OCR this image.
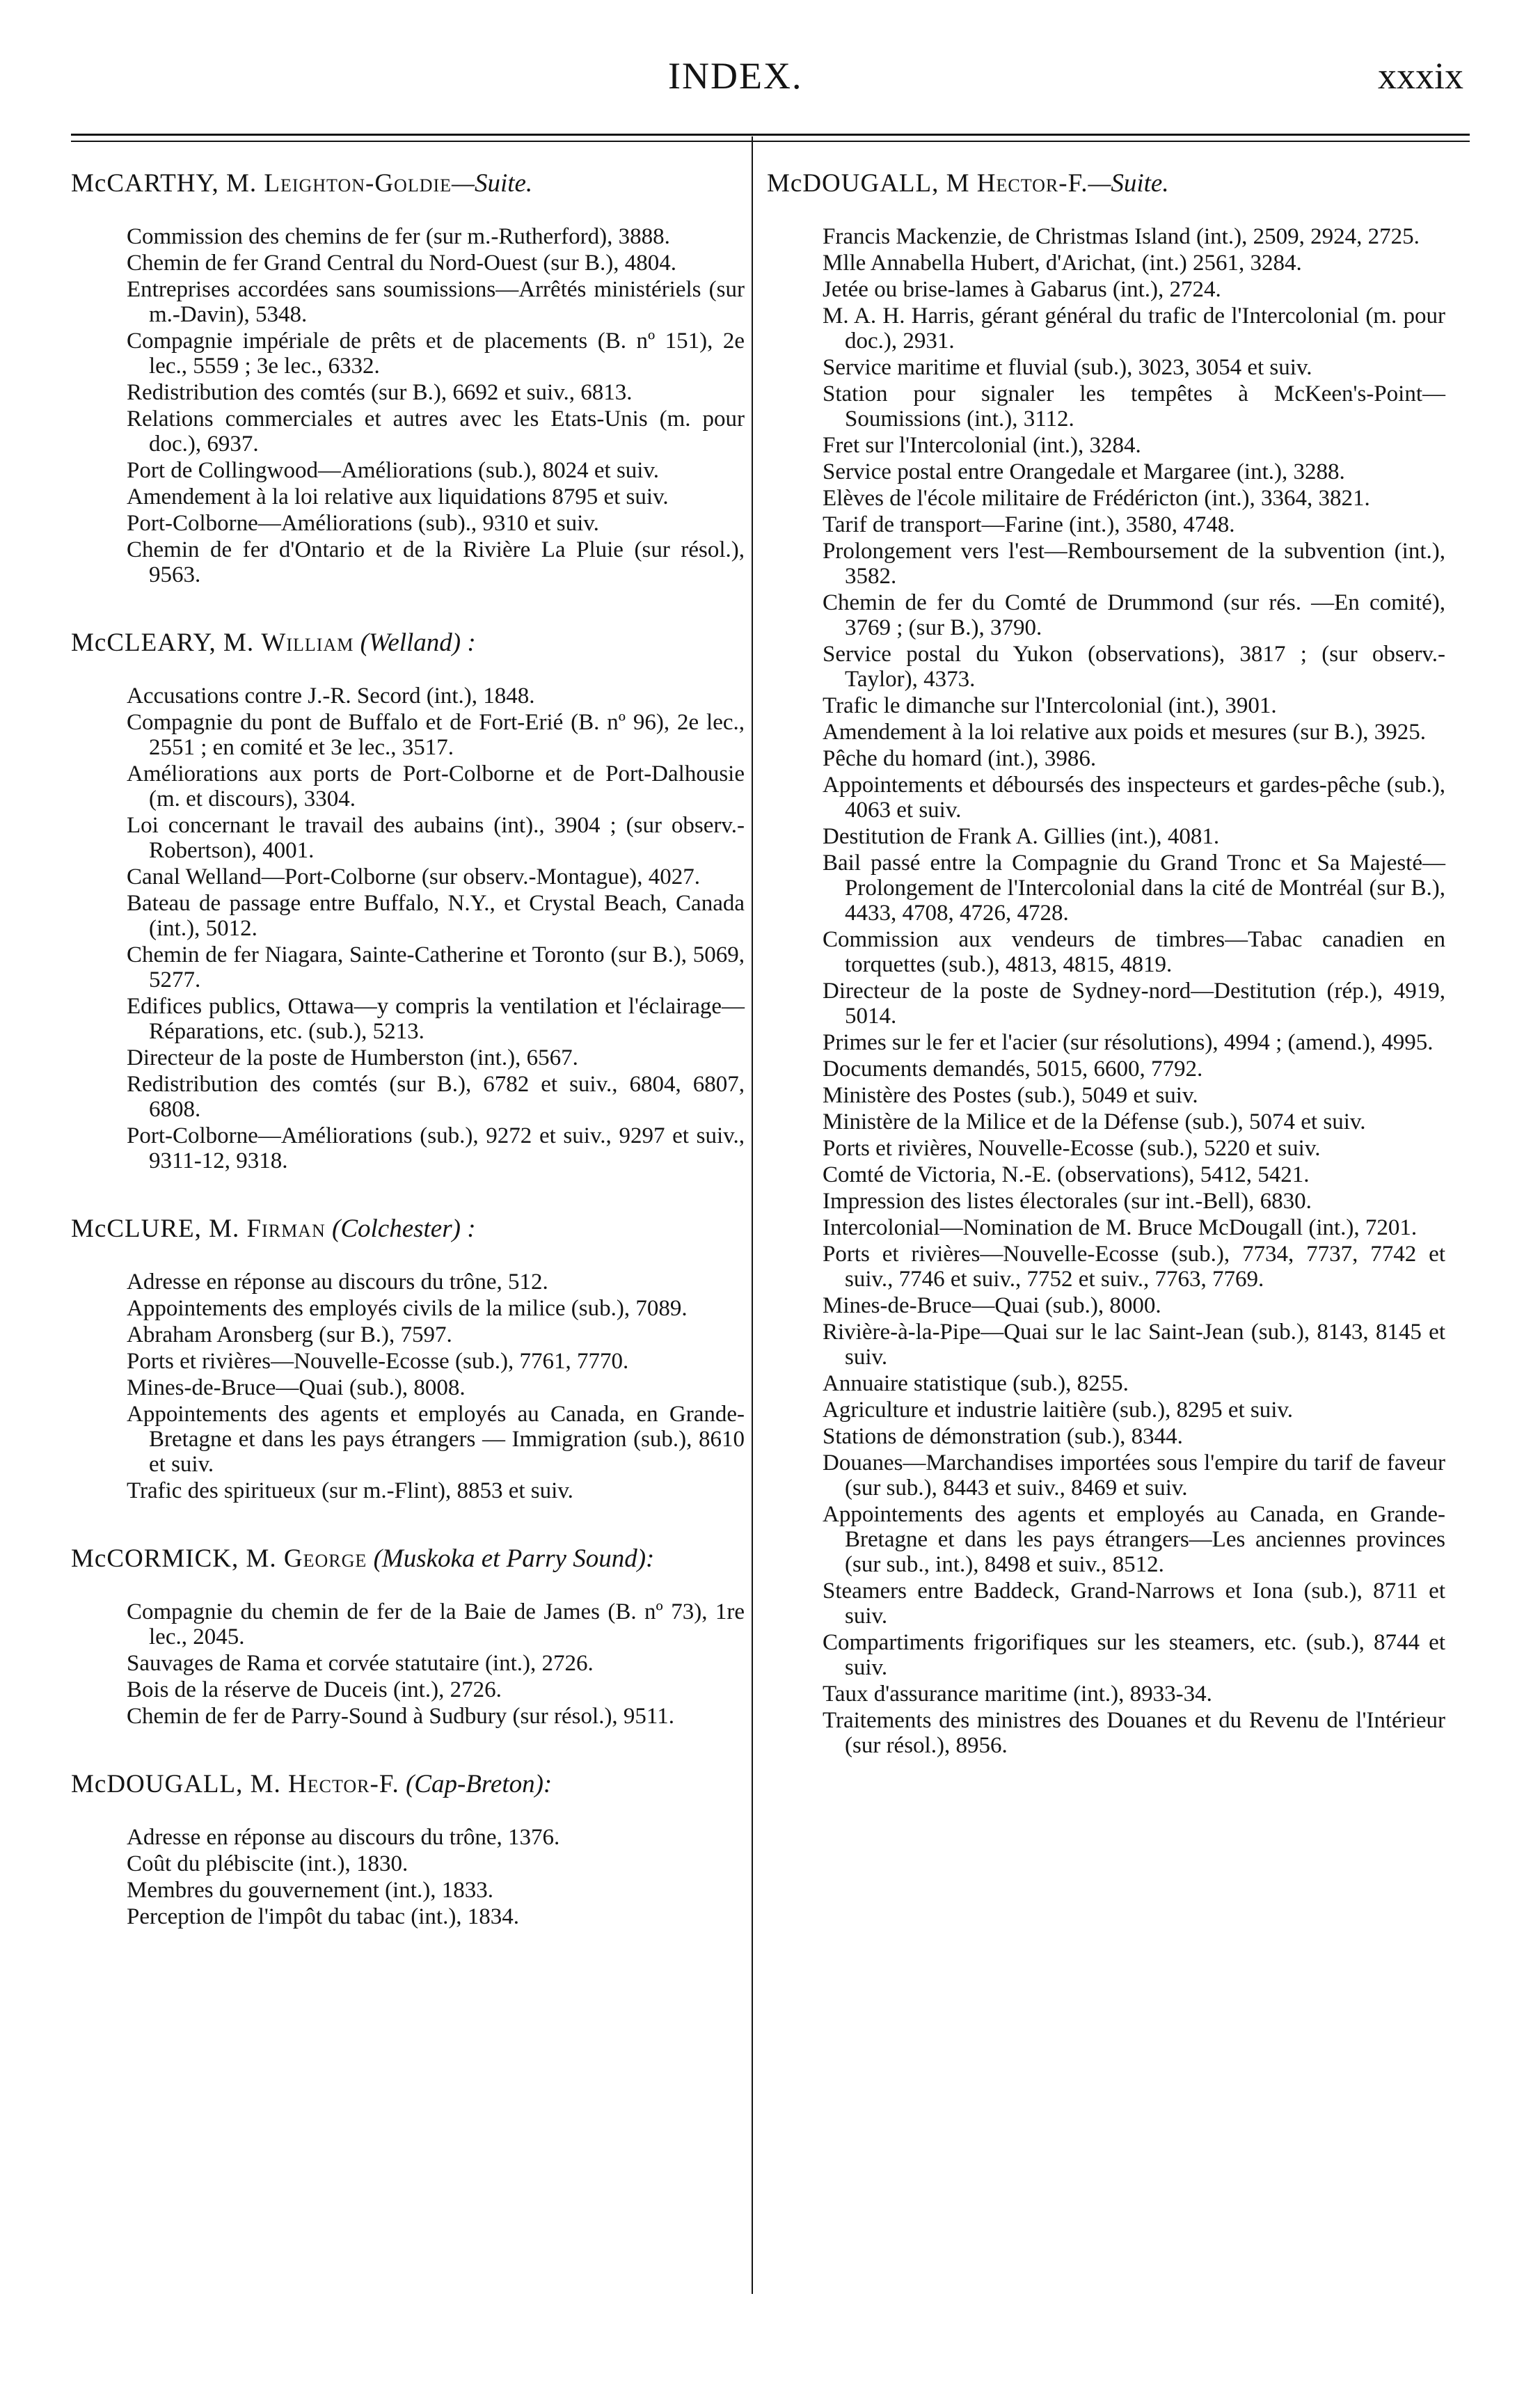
INDEX.	xxxix
McCARTHY, M. Leighton-Goldie—Suite.
Commission des chemins de fer (sur m.-Rutherford), 3888.
Chemin de fer Grand Central du Nord-Ouest (sur B.), 4804.
Entreprises accordées sans soumissions—Arrêtés ministériels (sur m.-Davin), 5348.
Compagnie impériale de prêts et de placements (B. nº 151), 2e lec., 5559 ; 3e lec., 6332.
Redistribution des comtés (sur B.), 6692 et suiv., 6813.
Relations commerciales et autres avec les Etats-Unis (m. pour doc.), 6937.
Port de Collingwood—Améliorations (sub.), 8024 et suiv.
Amendement à la loi relative aux liquidations 8795 et suiv.
Port-Colborne—Améliorations (sub)., 9310 et suiv.
Chemin de fer d'Ontario et de la Rivière La Pluie (sur résol.), 9563.
McCLEARY, M. William (Welland) :
Accusations contre J.-R. Secord (int.), 1848.
Compagnie du pont de Buffalo et de Fort-Erié (B. nº 96), 2e lec., 2551 ; en comité et 3e lec., 3517.
Améliorations aux ports de Port-Colborne et de Port-Dalhousie (m. et discours), 3304.
Loi concernant le travail des aubains (int)., 3904 ; (sur observ.-Robertson), 4001.
Canal Welland—Port-Colborne (sur observ.-Montague), 4027.
Bateau de passage entre Buffalo, N.Y., et Crystal Beach, Canada (int.), 5012.
Chemin de fer Niagara, Sainte-Catherine et Toronto (sur B.), 5069, 5277.
Edifices publics, Ottawa—y compris la ventilation et l'éclairage—Réparations, etc. (sub.), 5213.
Directeur de la poste de Humberston (int.), 6567.
Redistribution des comtés (sur B.), 6782 et suiv., 6804, 6807, 6808.
Port-Colborne—Améliorations (sub.), 9272 et suiv., 9297 et suiv., 9311-12, 9318.
McCLURE, M. Firman (Colchester) :
Adresse en réponse au discours du trône, 512.
Appointements des employés civils de la milice (sub.), 7089.
Abraham Aronsberg (sur B.), 7597.
Ports et rivières—Nouvelle-Ecosse (sub.), 7761, 7770.
Mines-de-Bruce—Quai (sub.), 8008.
Appointements des agents et employés au Canada, en Grande-Bretagne et dans les pays étrangers — Immigration (sub.), 8610 et suiv.
Trafic des spiritueux (sur m.-Flint), 8853 et suiv.
McCORMICK, M. George (Muskoka et Parry Sound):
Compagnie du chemin de fer de la Baie de James (B. nº 73), 1re lec., 2045.
Sauvages de Rama et corvée statutaire (int.), 2726.
Bois de la réserve de Duceis (int.), 2726.
Chemin de fer de Parry-Sound à Sudbury (sur résol.), 9511.
McDOUGALL, M. Hector-F. (Cap-Breton):
Adresse en réponse au discours du trône, 1376.
Coût du plébiscite (int.), 1830.
Membres du gouvernement (int.), 1833.
Perception de l'impôt du tabac (int.), 1834.
McDOUGALL, M Hector-F.—Suite.
Francis Mackenzie, de Christmas Island (int.), 2509, 2924, 2725.
Mlle Annabella Hubert, d'Arichat, (int.) 2561, 3284.
Jetée ou brise-lames à Gabarus (int.), 2724.
M. A. H. Harris, gérant général du trafic de l'Intercolonial (m. pour doc.), 2931.
Service maritime et fluvial (sub.), 3023, 3054 et suiv.
Station pour signaler les tempêtes à McKeen's-Point— Soumissions (int.), 3112.
Fret sur l'Intercolonial (int.), 3284.
Service postal entre Orangedale et Margaree (int.), 3288.
Elèves de l'école militaire de Frédéricton (int.), 3364, 3821.
Tarif de transport—Farine (int.), 3580, 4748.
Prolongement vers l'est—Remboursement de la subvention (int.), 3582.
Chemin de fer du Comté de Drummond (sur rés. —En comité), 3769 ; (sur B.), 3790.
Service postal du Yukon (observations), 3817 ; (sur observ.-Taylor), 4373.
Trafic le dimanche sur l'Intercolonial (int.), 3901.
Amendement à la loi relative aux poids et mesures (sur B.), 3925.
Pêche du homard (int.), 3986.
Appointements et déboursés des inspecteurs et gardes-pêche (sub.), 4063 et suiv.
Destitution de Frank A. Gillies (int.), 4081.
Bail passé entre la Compagnie du Grand Tronc et Sa Majesté—Prolongement de l'Intercolonial dans la cité de Montréal (sur B.), 4433, 4708, 4726, 4728.
Commission aux vendeurs de timbres—Tabac canadien en torquettes (sub.), 4813, 4815, 4819.
Directeur de la poste de Sydney-nord—Destitution (rép.), 4919, 5014.
Primes sur le fer et l'acier (sur résolutions), 4994 ; (amend.), 4995.
Documents demandés, 5015, 6600, 7792.
Ministère des Postes (sub.), 5049 et suiv.
Ministère de la Milice et de la Défense (sub.), 5074 et suiv.
Ports et rivières, Nouvelle-Ecosse (sub.), 5220 et suiv.
Comté de Victoria, N.-E. (observations), 5412, 5421.
Impression des listes électorales (sur int.-Bell), 6830.
Intercolonial—Nomination de M. Bruce McDougall (int.), 7201.
Ports et rivières—Nouvelle-Ecosse (sub.), 7734, 7737, 7742 et suiv., 7746 et suiv., 7752 et suiv., 7763, 7769.
Mines-de-Bruce—Quai (sub.), 8000.
Rivière-à-la-Pipe—Quai sur le lac Saint-Jean (sub.), 8143, 8145 et suiv.
Annuaire statistique (sub.), 8255.
Agriculture et industrie laitière (sub.), 8295 et suiv.
Stations de démonstration (sub.), 8344.
Douanes—Marchandises importées sous l'empire du tarif de faveur (sur sub.), 8443 et suiv., 8469 et suiv.
Appointements des agents et employés au Canada, en Grande-Bretagne et dans les pays étrangers—Les anciennes provinces (sur sub., int.), 8498 et suiv., 8512.
Steamers entre Baddeck, Grand-Narrows et Iona (sub.), 8711 et suiv.
Compartiments frigorifiques sur les steamers, etc. (sub.), 8744 et suiv.
Taux d'assurance maritime (int.), 8933-34.
Traitements des ministres des Douanes et du Revenu de l'Intérieur (sur résol.), 8956.
